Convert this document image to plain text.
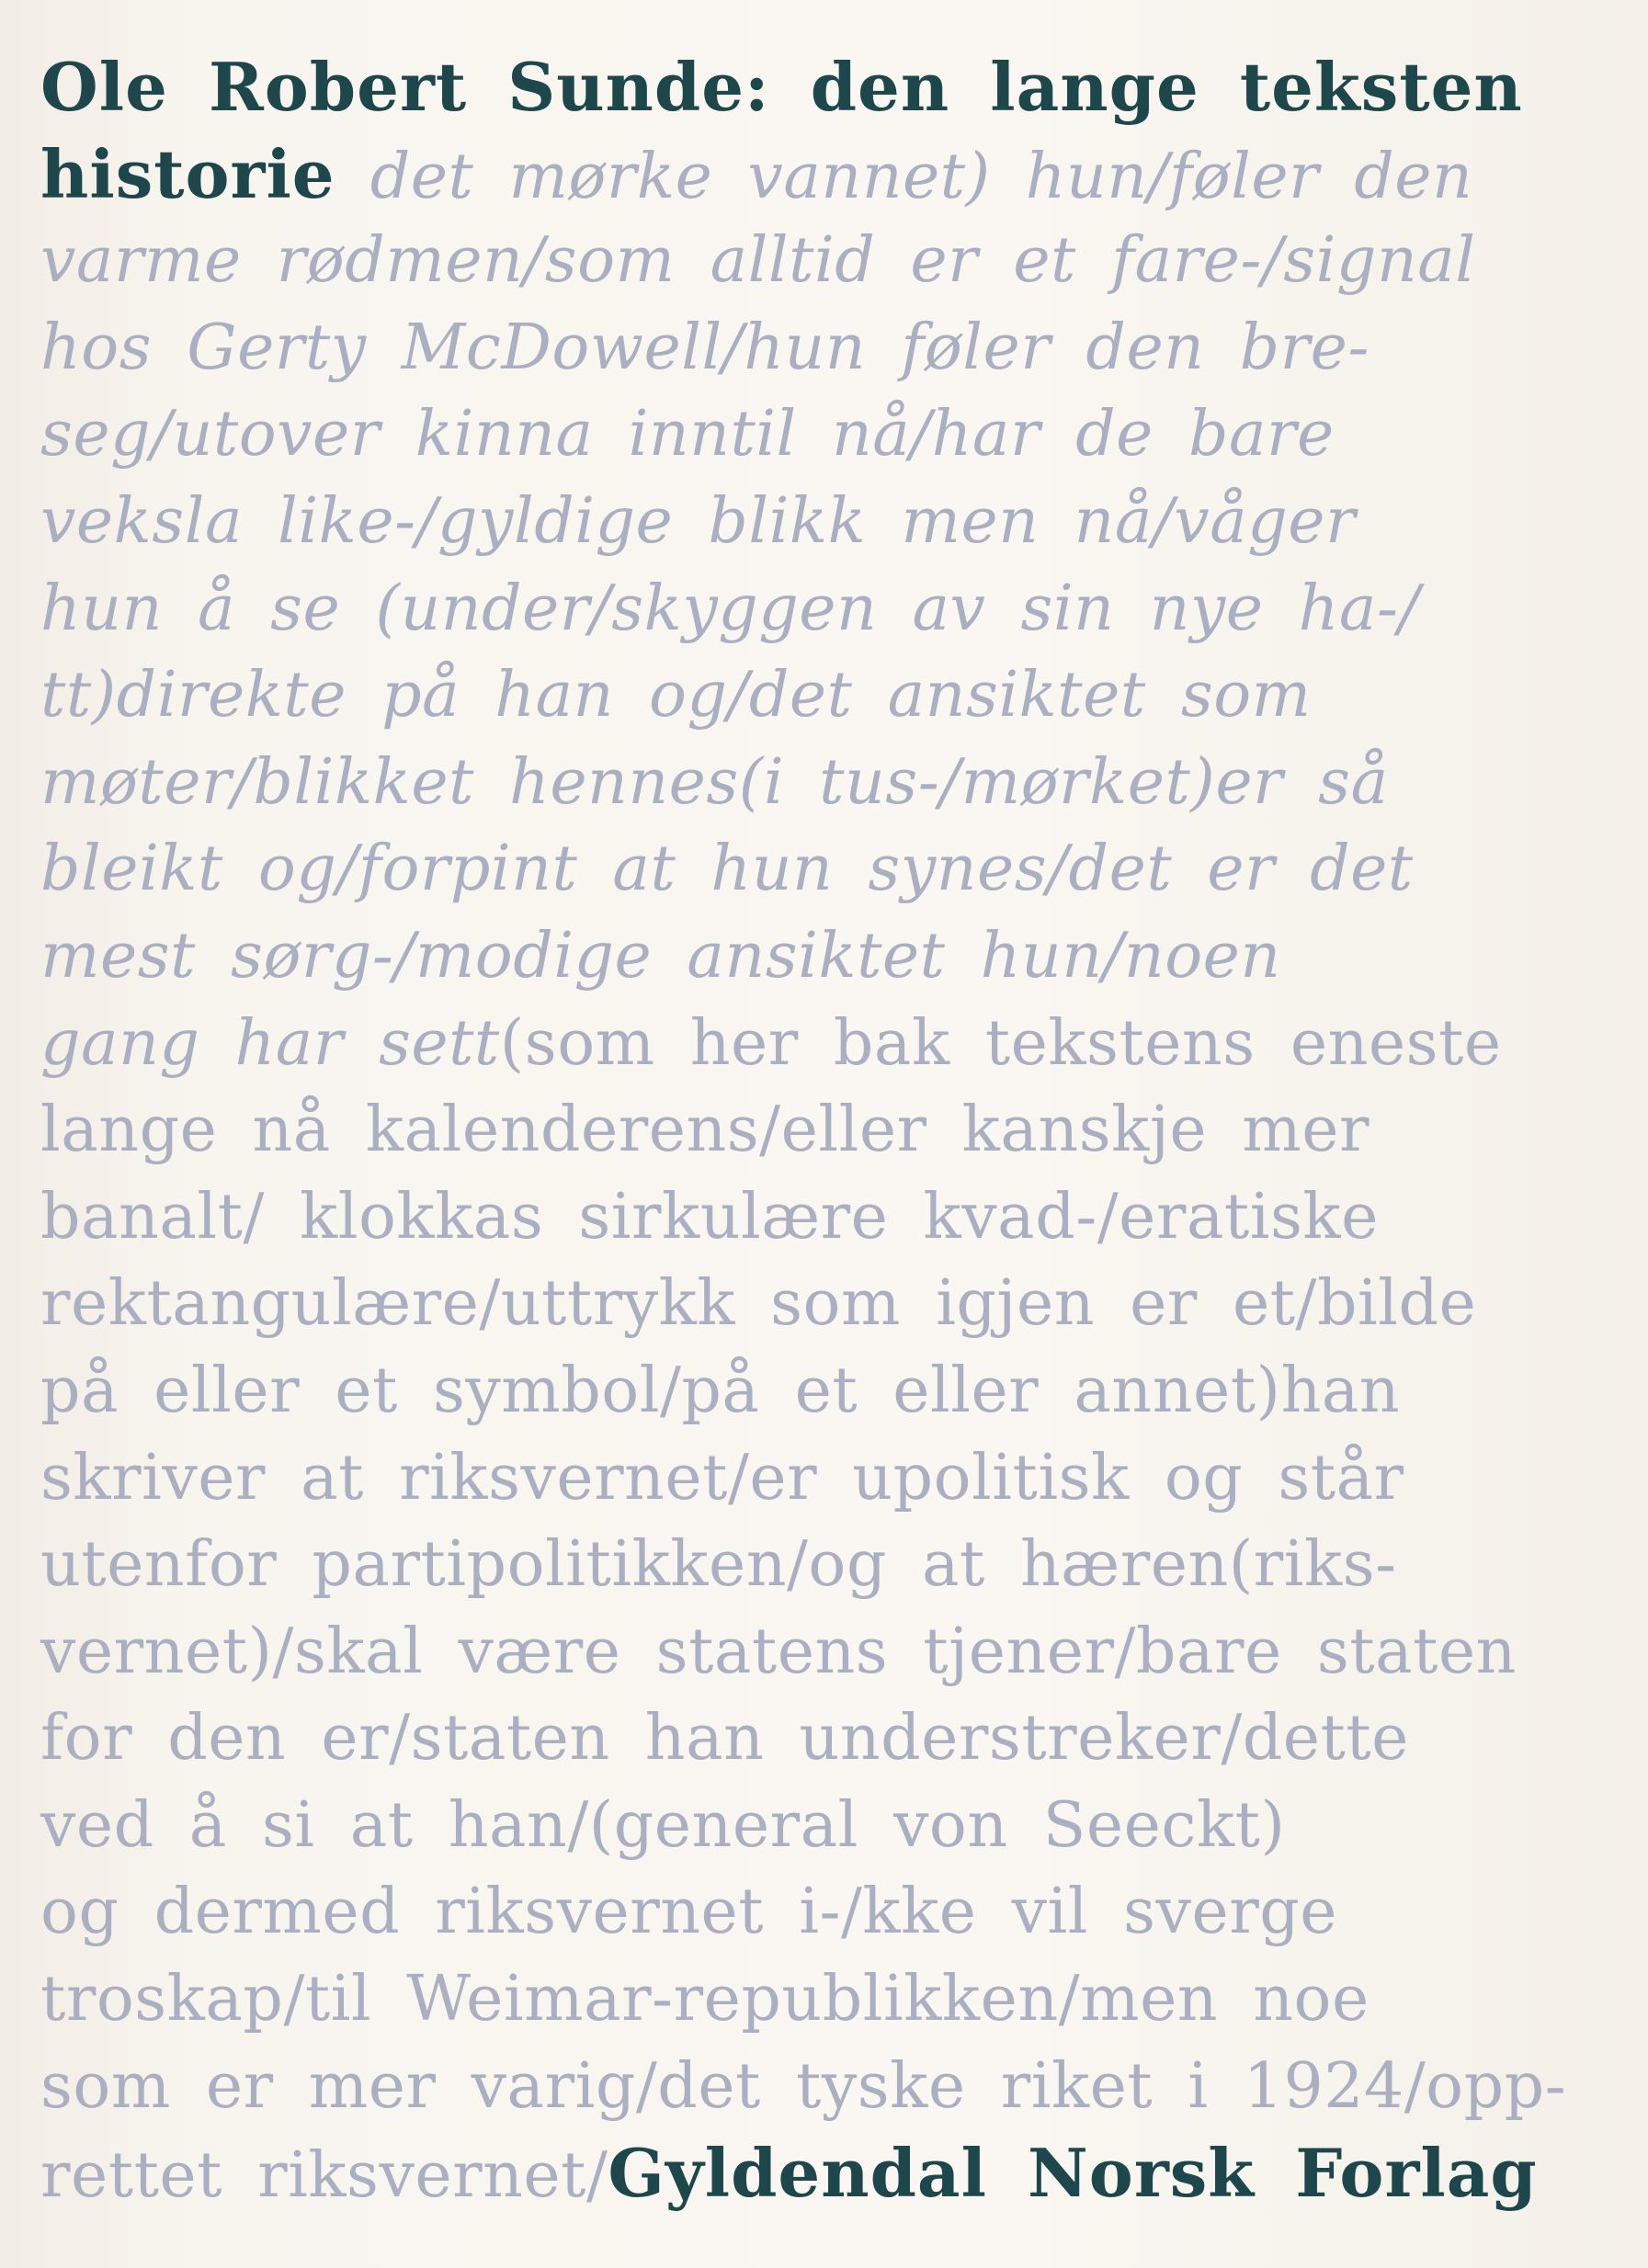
Ole Robert Sunde: den lange teksten
historie det mørke vannet) hun/føler den
varme rødmen/som alltid er et fare-/signal
hos Gerty McDowell/hun føler den bre-
seg/utover kinna inntil nå/har de bare
veksla like-/gyldige blikk men nå/våger
hun å se (under/skyggen av sin nye ha-/
tt)direkte på han og/det ansiktet som
møter/blikket hennes(i tus-/mørket)er så
bleikt og/forpint at hun synes/det er det
mest sørg-/modige ansiktet hun/noen
gang har sett(som her bak tekstens eneste
lange nå kalenderens/eller kanskje mer
banalt/ klokkas sirkulære kvad-/eratiske
rektangulære/uttrykk som igjen er et/bilde
på eller et symbol/på et eller annet)han
skriver at riksvernet/er upolitisk og står
utenfor partipolitikken/og at hæren(riks-
vernet)/skal være statens tjener/bare staten
for den er/staten han understreker/dette
ved å si at han/(general von Seeckt)
og dermed riksvernet i-/kke vil sverge
troskap/til Weimar-republikken/men noe
som er mer varig/det tyske riket i 1924/opp-
rettet riksvernet/Gyldendal Norsk Forlag
